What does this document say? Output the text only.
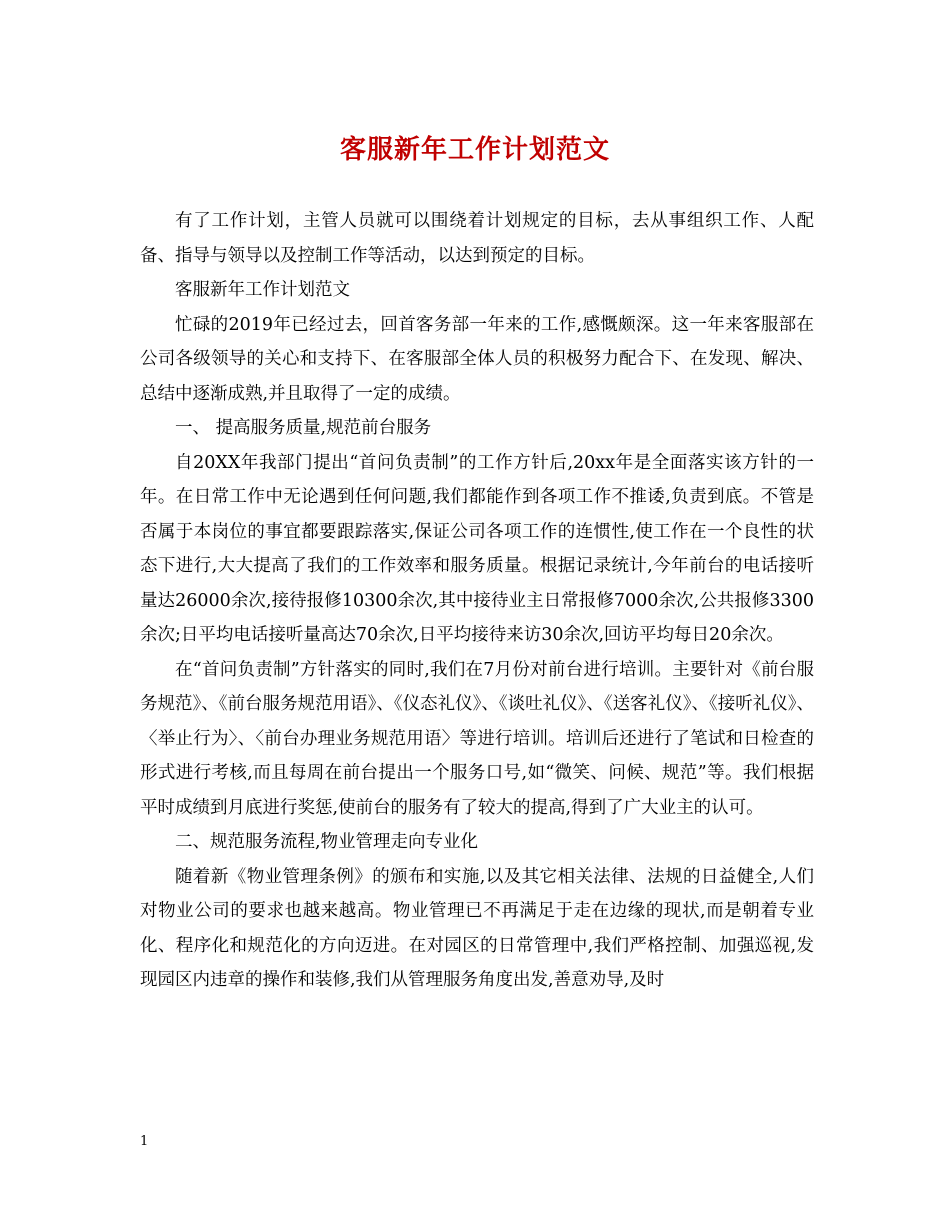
客服新年工作计划范文

有了工作计划，主管人员就可以围绕着计划规定的目标，去从事组织工作、人配备、指导与领导以及控制工作等活动，以达到预定的目标。

客服新年工作计划范文

忙碌的2019年已经过去，回首客务部一年来的工作,感慨颇深。这一年来客服部在公司各级领导的关心和支持下、在客服部全体人员的积极努力配合下、在发现、解决、总结中逐渐成熟,并且取得了一定的成绩。

一、 提高服务质量,规范前台服务

自20XX年我部门提出“首问负责制”的工作方针后,20xx年是全面落实该方针的一年。在日常工作中无论遇到任何问题,我们都能作到各项工作不推诿,负责到底。不管是否属于本岗位的事宜都要跟踪落实,保证公司各项工作的连惯性,使工作在一个良性的状态下进行,大大提高了我们的工作效率和服务质量。根据记录统计,今年前台的电话接听量达26000余次,接待报修10300余次,其中接待业主日常报修7000余次,公共报修3300余次;日平均电话接听量高达70余次,日平均接待来访30余次,回访平均每日20余次。

在“首问负责制”方针落实的同时,我们在7月份对前台进行培训。主要针对《前台服务规范》、《前台服务规范用语》、《仪态礼仪》、《谈吐礼仪》、《送客礼仪》、《接听礼仪》、〈举止行为〉、〈前台办理业务规范用语〉等进行培训。培训后还进行了笔试和日检查的形式进行考核,而且每周在前台提出一个服务口号,如“微笑、问候、规范”等。我们根据平时成绩到月底进行奖惩,使前台的服务有了较大的提高,得到了广大业主的认可。

二、规范服务流程,物业管理走向专业化

随着新《物业管理条例》的颁布和实施,以及其它相关法律、法规的日益健全,人们对物业公司的要求也越来越高。物业管理已不再满足于走在边缘的现状,而是朝着专业化、程序化和规范化的方向迈进。在对园区的日常管理中,我们严格控制、加强巡视,发现园区内违章的操作和装修,我们从管理服务角度出发,善意劝导,及时

1
